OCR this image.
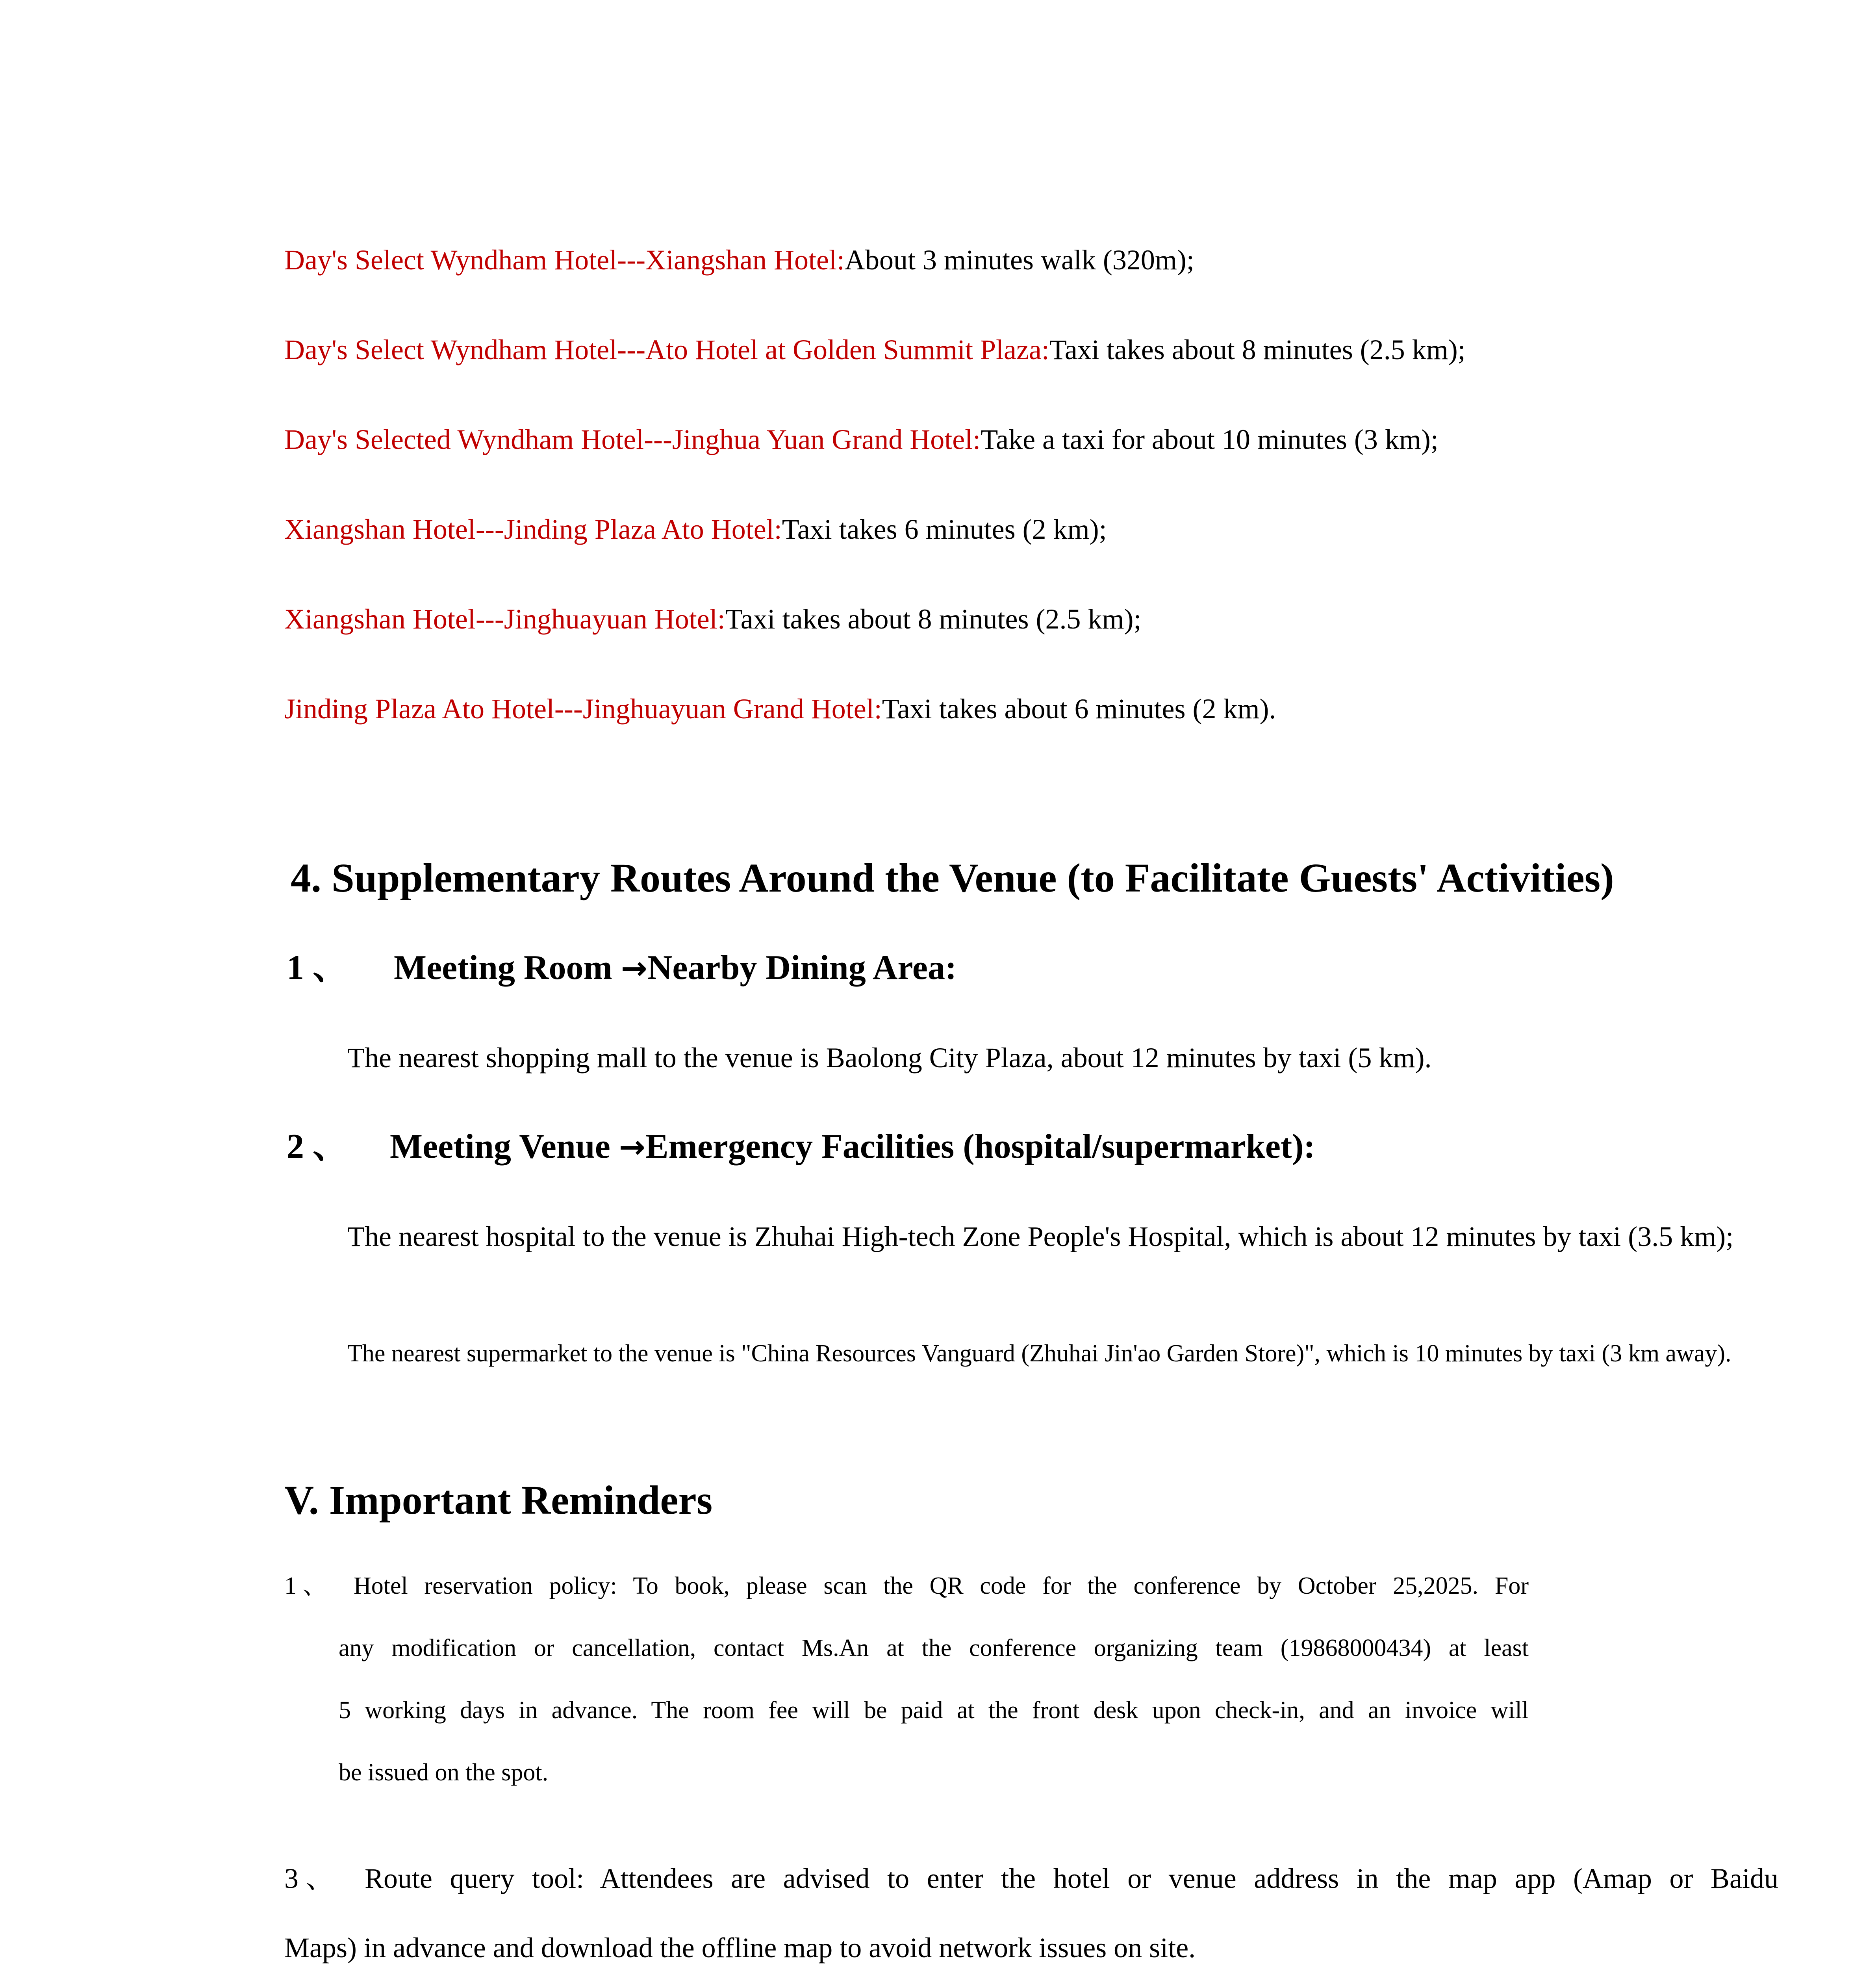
Day's Select Wyndham Hotel---Xiangshan Hotel:About 3 minutes walk (320m);
Day's Select Wyndham Hotel---Ato Hotel at Golden Summit Plaza:Taxi takes about 8 minutes (2.5 km);
Day's Selected Wyndham Hotel---Jinghua Yuan Grand Hotel:Take a taxi for about 10 minutes (3 km);
Xiangshan Hotel---Jinding Plaza Ato Hotel:Taxi takes 6 minutes (2 km);
Xiangshan Hotel---Jinghuayuan Hotel:Taxi takes about 8 minutes (2.5 km);
Jinding Plaza Ato Hotel---Jinghuayuan Grand Hotel:Taxi takes about 6 minutes (2 km).
4. Supplementary Routes Around the Venue (to Facilitate Guests' Activities)
1 、 Meeting Room →Nearby Dining Area:
The nearest shopping mall to the venue is Baolong City Plaza, about 12 minutes by taxi (5 km).
2 、 Meeting Venue →Emergency Facilities (hospital/supermarket):
The nearest hospital to the venue is Zhuhai High-tech Zone People's Hospital, which is about 12 minutes by taxi (3.5 km);
The nearest supermarket to the venue is "China Resources Vanguard (Zhuhai Jin'ao Garden Store)", which is 10 minutes by taxi (3 km away).
V. Important Reminders
1 、 Hotel reservation policy: To book, please scan the QR code for the conference by October 25,2025. For
any modification or cancellation, contact Ms.An at the conference organizing team (19868000434) at least
5 working days in advance. The room fee will be paid at the front desk upon check-in, and an invoice will
be issued on the spot.
3 、 Route query tool: Attendees are advised to enter the hotel or venue address in the map app (Amap or Baidu
Maps) in advance and download the offline map to avoid network issues on site.
